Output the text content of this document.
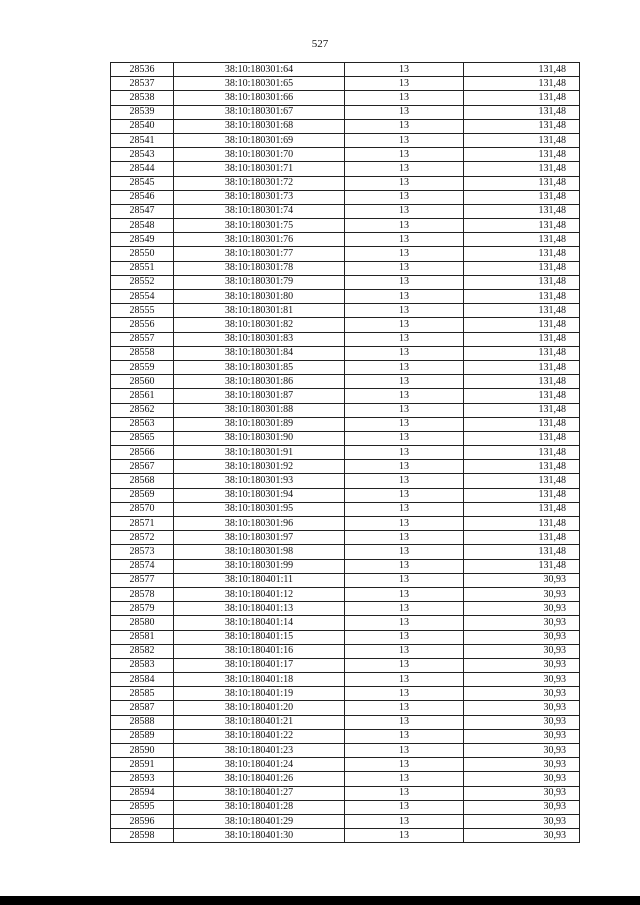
527
28536	38:10:180301:64	13	131,48
28537	38:10:180301:65	13	131,48
28538	38:10:180301:66	13	131,48
28539	38:10:180301:67	13	131,48
28540	38:10:180301:68	13	131,48
28541	38:10:180301:69	13	131,48
28543	38:10:180301:70	13	131,48
28544	38:10:180301:71	13	131,48
28545	38:10:180301:72	13	131,48
28546	38:10:180301:73	13	131,48
28547	38:10:180301:74	13	131,48
28548	38:10:180301:75	13	131,48
28549	38:10:180301:76	13	131,48
28550	38:10:180301:77	13	131,48
28551	38:10:180301:78	13	131,48
28552	38:10:180301:79	13	131,48
28554	38:10:180301:80	13	131,48
28555	38:10:180301:81	13	131,48
28556	38:10:180301:82	13	131,48
28557	38:10:180301:83	13	131,48
28558	38:10:180301:84	13	131,48
28559	38:10:180301:85	13	131,48
28560	38:10:180301:86	13	131,48
28561	38:10:180301:87	13	131,48
28562	38:10:180301:88	13	131,48
28563	38:10:180301:89	13	131,48
28565	38:10:180301:90	13	131,48
28566	38:10:180301:91	13	131,48
28567	38:10:180301:92	13	131,48
28568	38:10:180301:93	13	131,48
28569	38:10:180301:94	13	131,48
28570	38:10:180301:95	13	131,48
28571	38:10:180301:96	13	131,48
28572	38:10:180301:97	13	131,48
28573	38:10:180301:98	13	131,48
28574	38:10:180301:99	13	131,48
28577	38:10:180401:11	13	30,93
28578	38:10:180401:12	13	30,93
28579	38:10:180401:13	13	30,93
28580	38:10:180401:14	13	30,93
28581	38:10:180401:15	13	30,93
28582	38:10:180401:16	13	30,93
28583	38:10:180401:17	13	30,93
28584	38:10:180401:18	13	30,93
28585	38:10:180401:19	13	30,93
28587	38:10:180401:20	13	30,93
28588	38:10:180401:21	13	30,93
28589	38:10:180401:22	13	30,93
28590	38:10:180401:23	13	30,93
28591	38:10:180401:24	13	30,93
28593	38:10:180401:26	13	30,93
28594	38:10:180401:27	13	30,93
28595	38:10:180401:28	13	30,93
28596	38:10:180401:29	13	30,93
28598	38:10:180401:30	13	30,93
